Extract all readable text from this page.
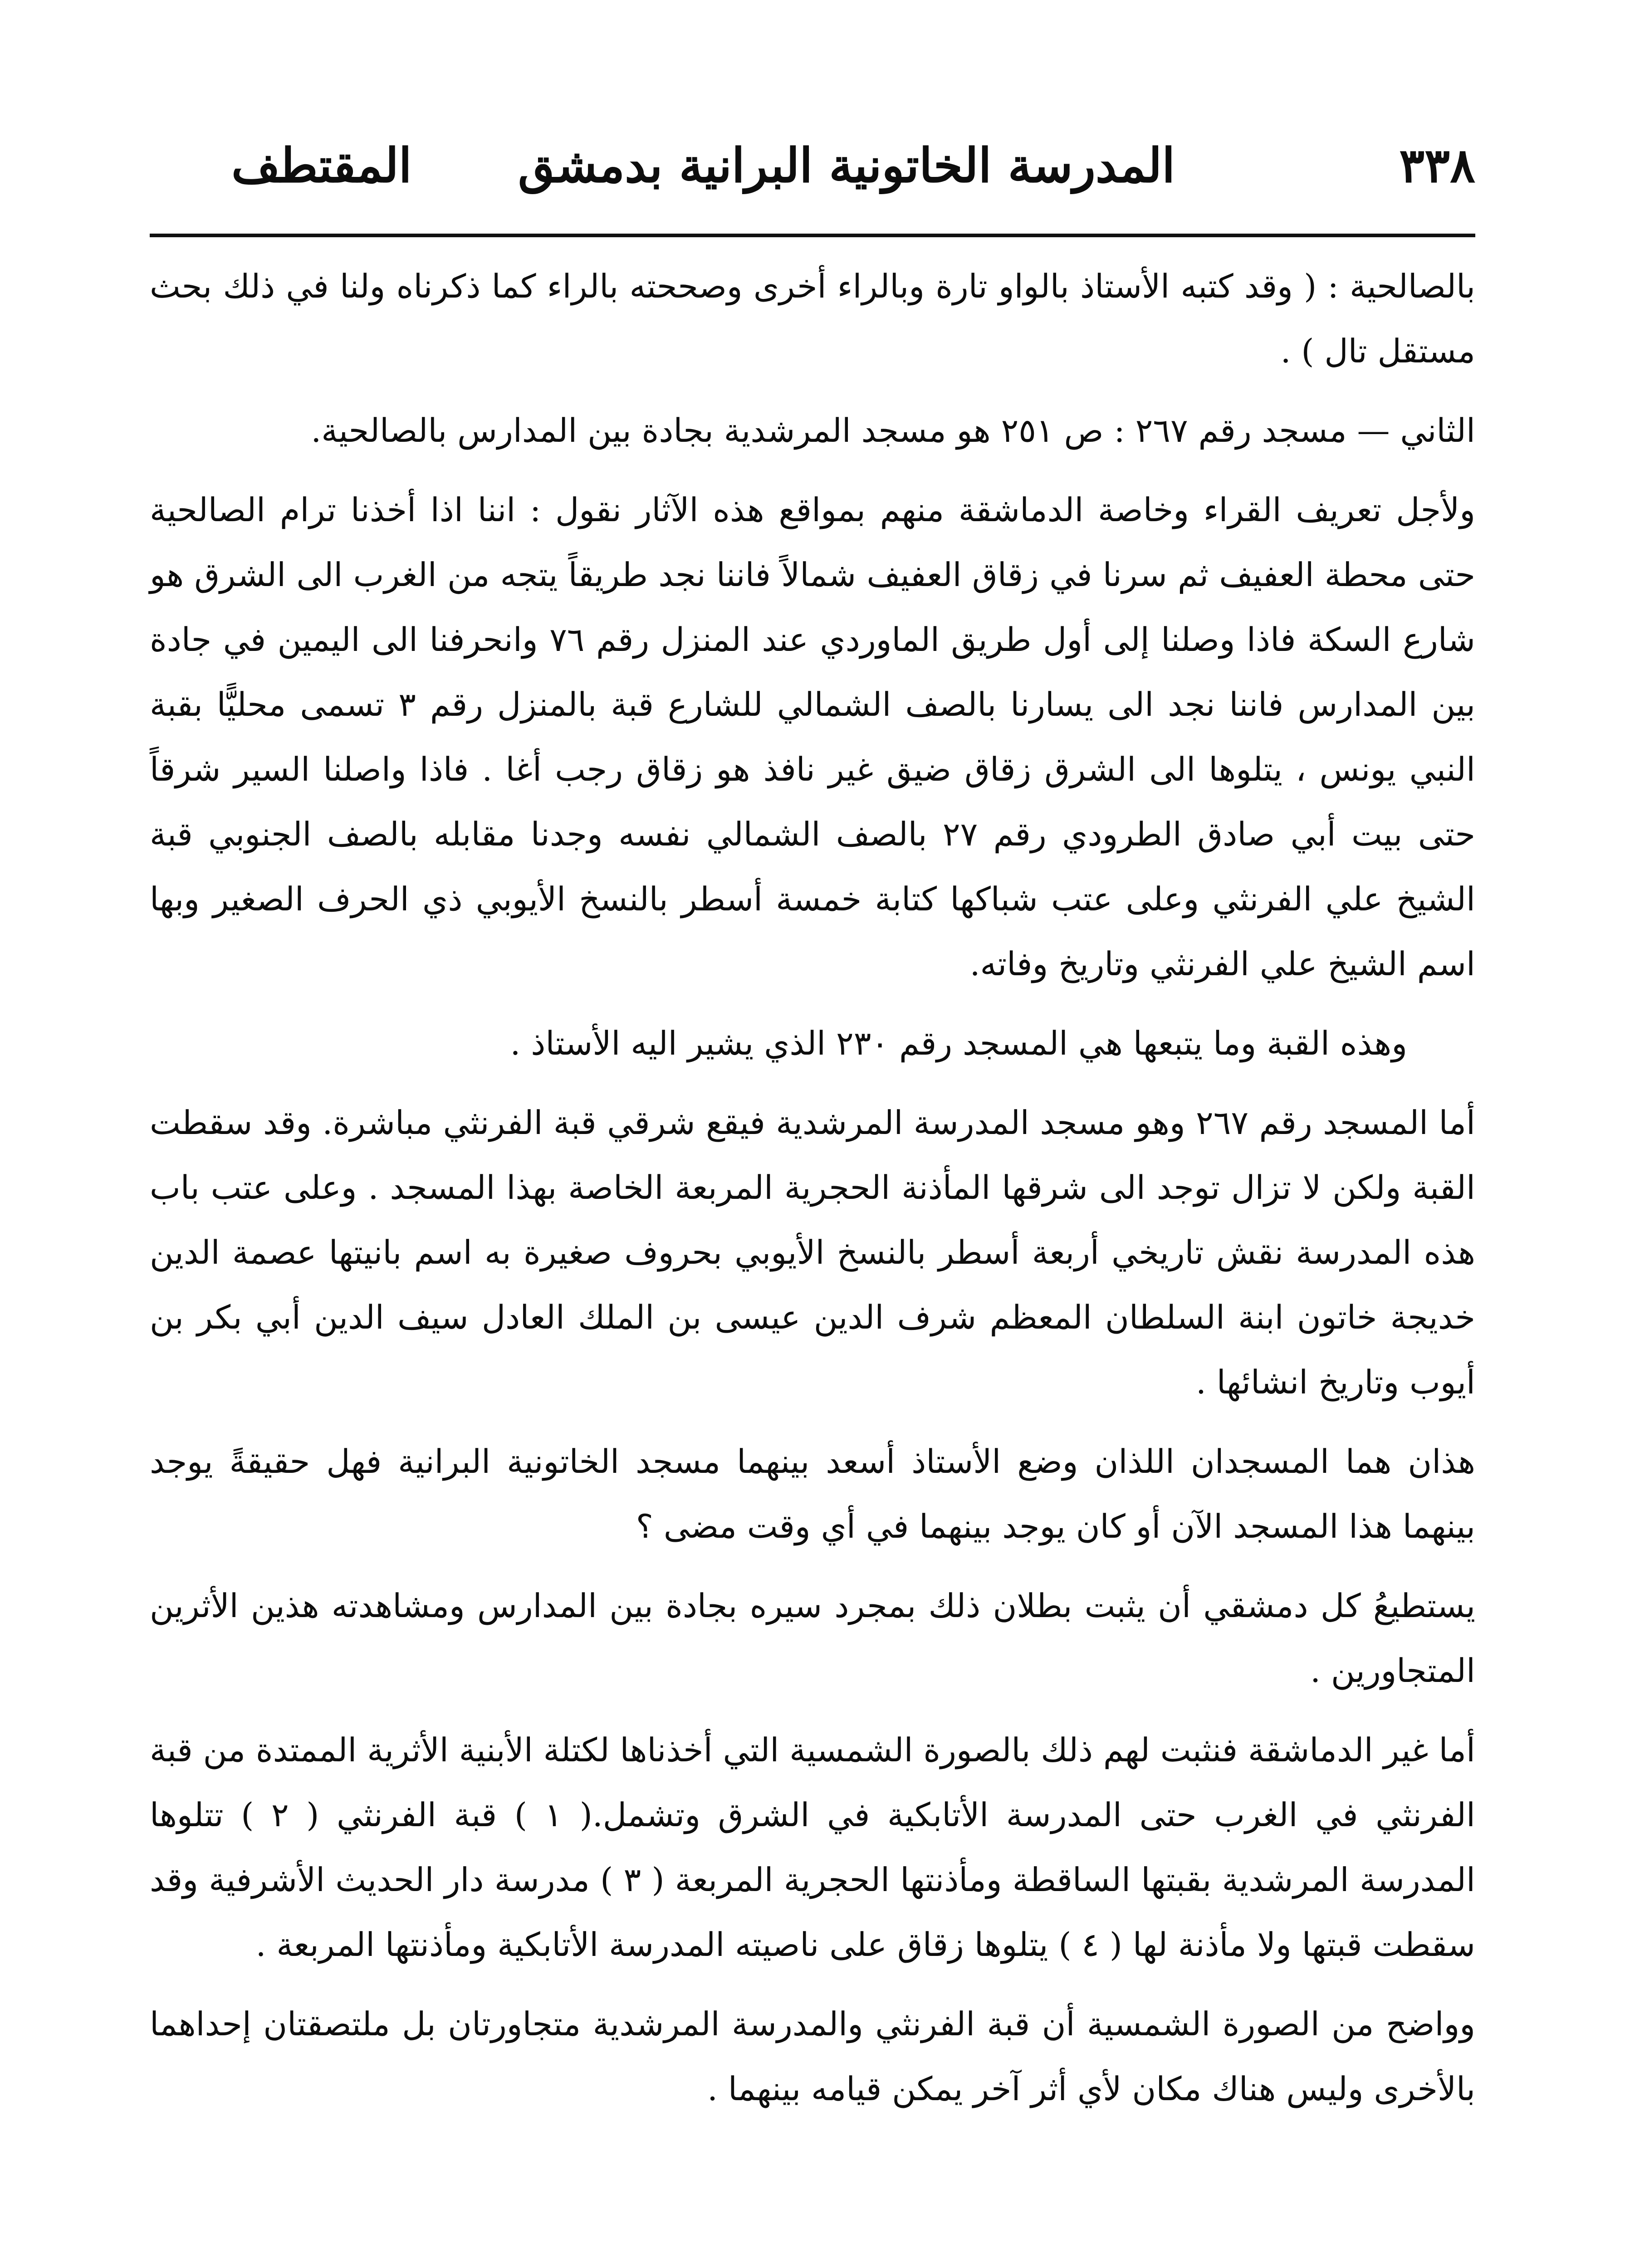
٣٣٨
المدرسة الخاتونية البرانية بدمشق
المقتطف

بالصالحية : ( وقد كتبه الأستاذ بالواو تارة وبالراء أخرى وصححته بالراء كما ذكرناه ولنا في ذلك بحث مستقل تال ) .

الثاني — مسجد رقم ٢٦٧ : ص ٢٥١ هو مسجد المرشدية بجادة بين المدارس بالصالحية.

ولأجل تعريف القراء وخاصة الدماشقة منهم بمواقع هذه الآثار نقول : اننا اذا أخذنا ترام الصالحية حتى محطة العفيف ثم سرنا في زقاق العفيف شمالاً فاننا نجد طريقاً يتجه من الغرب الى الشرق هو شارع السكة فاذا وصلنا إلى أول طريق الماوردي عند المنزل رقم ٧٦ وانحرفنا الى اليمين في جادة بين المدارس فاننا نجد الى يسارنا بالصف الشمالي للشارع قبة بالمنزل رقم ٣ تسمى محليًّا بقبة النبي يونس ، يتلوها الى الشرق زقاق ضيق غير نافذ هو زقاق رجب أغا . فاذا واصلنا السير شرقاً حتى بيت أبي صادق الطرودي رقم ٢٧ بالصف الشمالي نفسه وجدنا مقابله بالصف الجنوبي قبة الشيخ علي الفرنثي وعلى عتب شباكها كتابة خمسة أسطر بالنسخ الأيوبي ذي الحرف الصغير وبها اسم الشيخ علي الفرنثي وتاريخ وفاته.

وهذه القبة وما يتبعها هي المسجد رقم ٢٣٠ الذي يشير اليه الأستاذ .

أما المسجد رقم ٢٦٧ وهو مسجد المدرسة المرشدية فيقع شرقي قبة الفرنثي مباشرة. وقد سقطت القبة ولكن لا تزال توجد الى شرقها المأذنة الحجرية المربعة الخاصة بهذا المسجد . وعلى عتب باب هذه المدرسة نقش تاريخي أربعة أسطر بالنسخ الأيوبي بحروف صغيرة به اسم بانيتها عصمة الدين خديجة خاتون ابنة السلطان المعظم شرف الدين عيسى بن الملك العادل سيف الدين أبي بكر بن أيوب وتاريخ انشائها .

هذان هما المسجدان اللذان وضع الأستاذ أسعد بينهما مسجد الخاتونية البرانية فهل حقيقةً يوجد بينهما هذا المسجد الآن أو كان يوجد بينهما في أي وقت مضى ؟

يستطيعُ كل دمشقي أن يثبت بطلان ذلك بمجرد سيره بجادة بين المدارس ومشاهدته هذين الأثرين المتجاورين .

أما غير الدماشقة فنثبت لهم ذلك بالصورة الشمسية التي أخذناها لكتلة الأبنية الأثرية الممتدة من قبة الفرنثي في الغرب حتى المدرسة الأتابكية في الشرق وتشمل.( ١ ) قبة الفرنثي ( ٢ ) تتلوها المدرسة المرشدية بقبتها الساقطة ومأذنتها الحجرية المربعة ( ٣ ) مدرسة دار الحديث الأشرفية وقد سقطت قبتها ولا مأذنة لها ( ٤ ) يتلوها زقاق على ناصيته المدرسة الأتابكية ومأذنتها المربعة .

وواضح من الصورة الشمسية أن قبة الفرنثي والمدرسة المرشدية متجاورتان بل ملتصقتان إحداهما بالأخرى وليس هناك مكان لأي أثر آخر يمكن قيامه بينهما .
